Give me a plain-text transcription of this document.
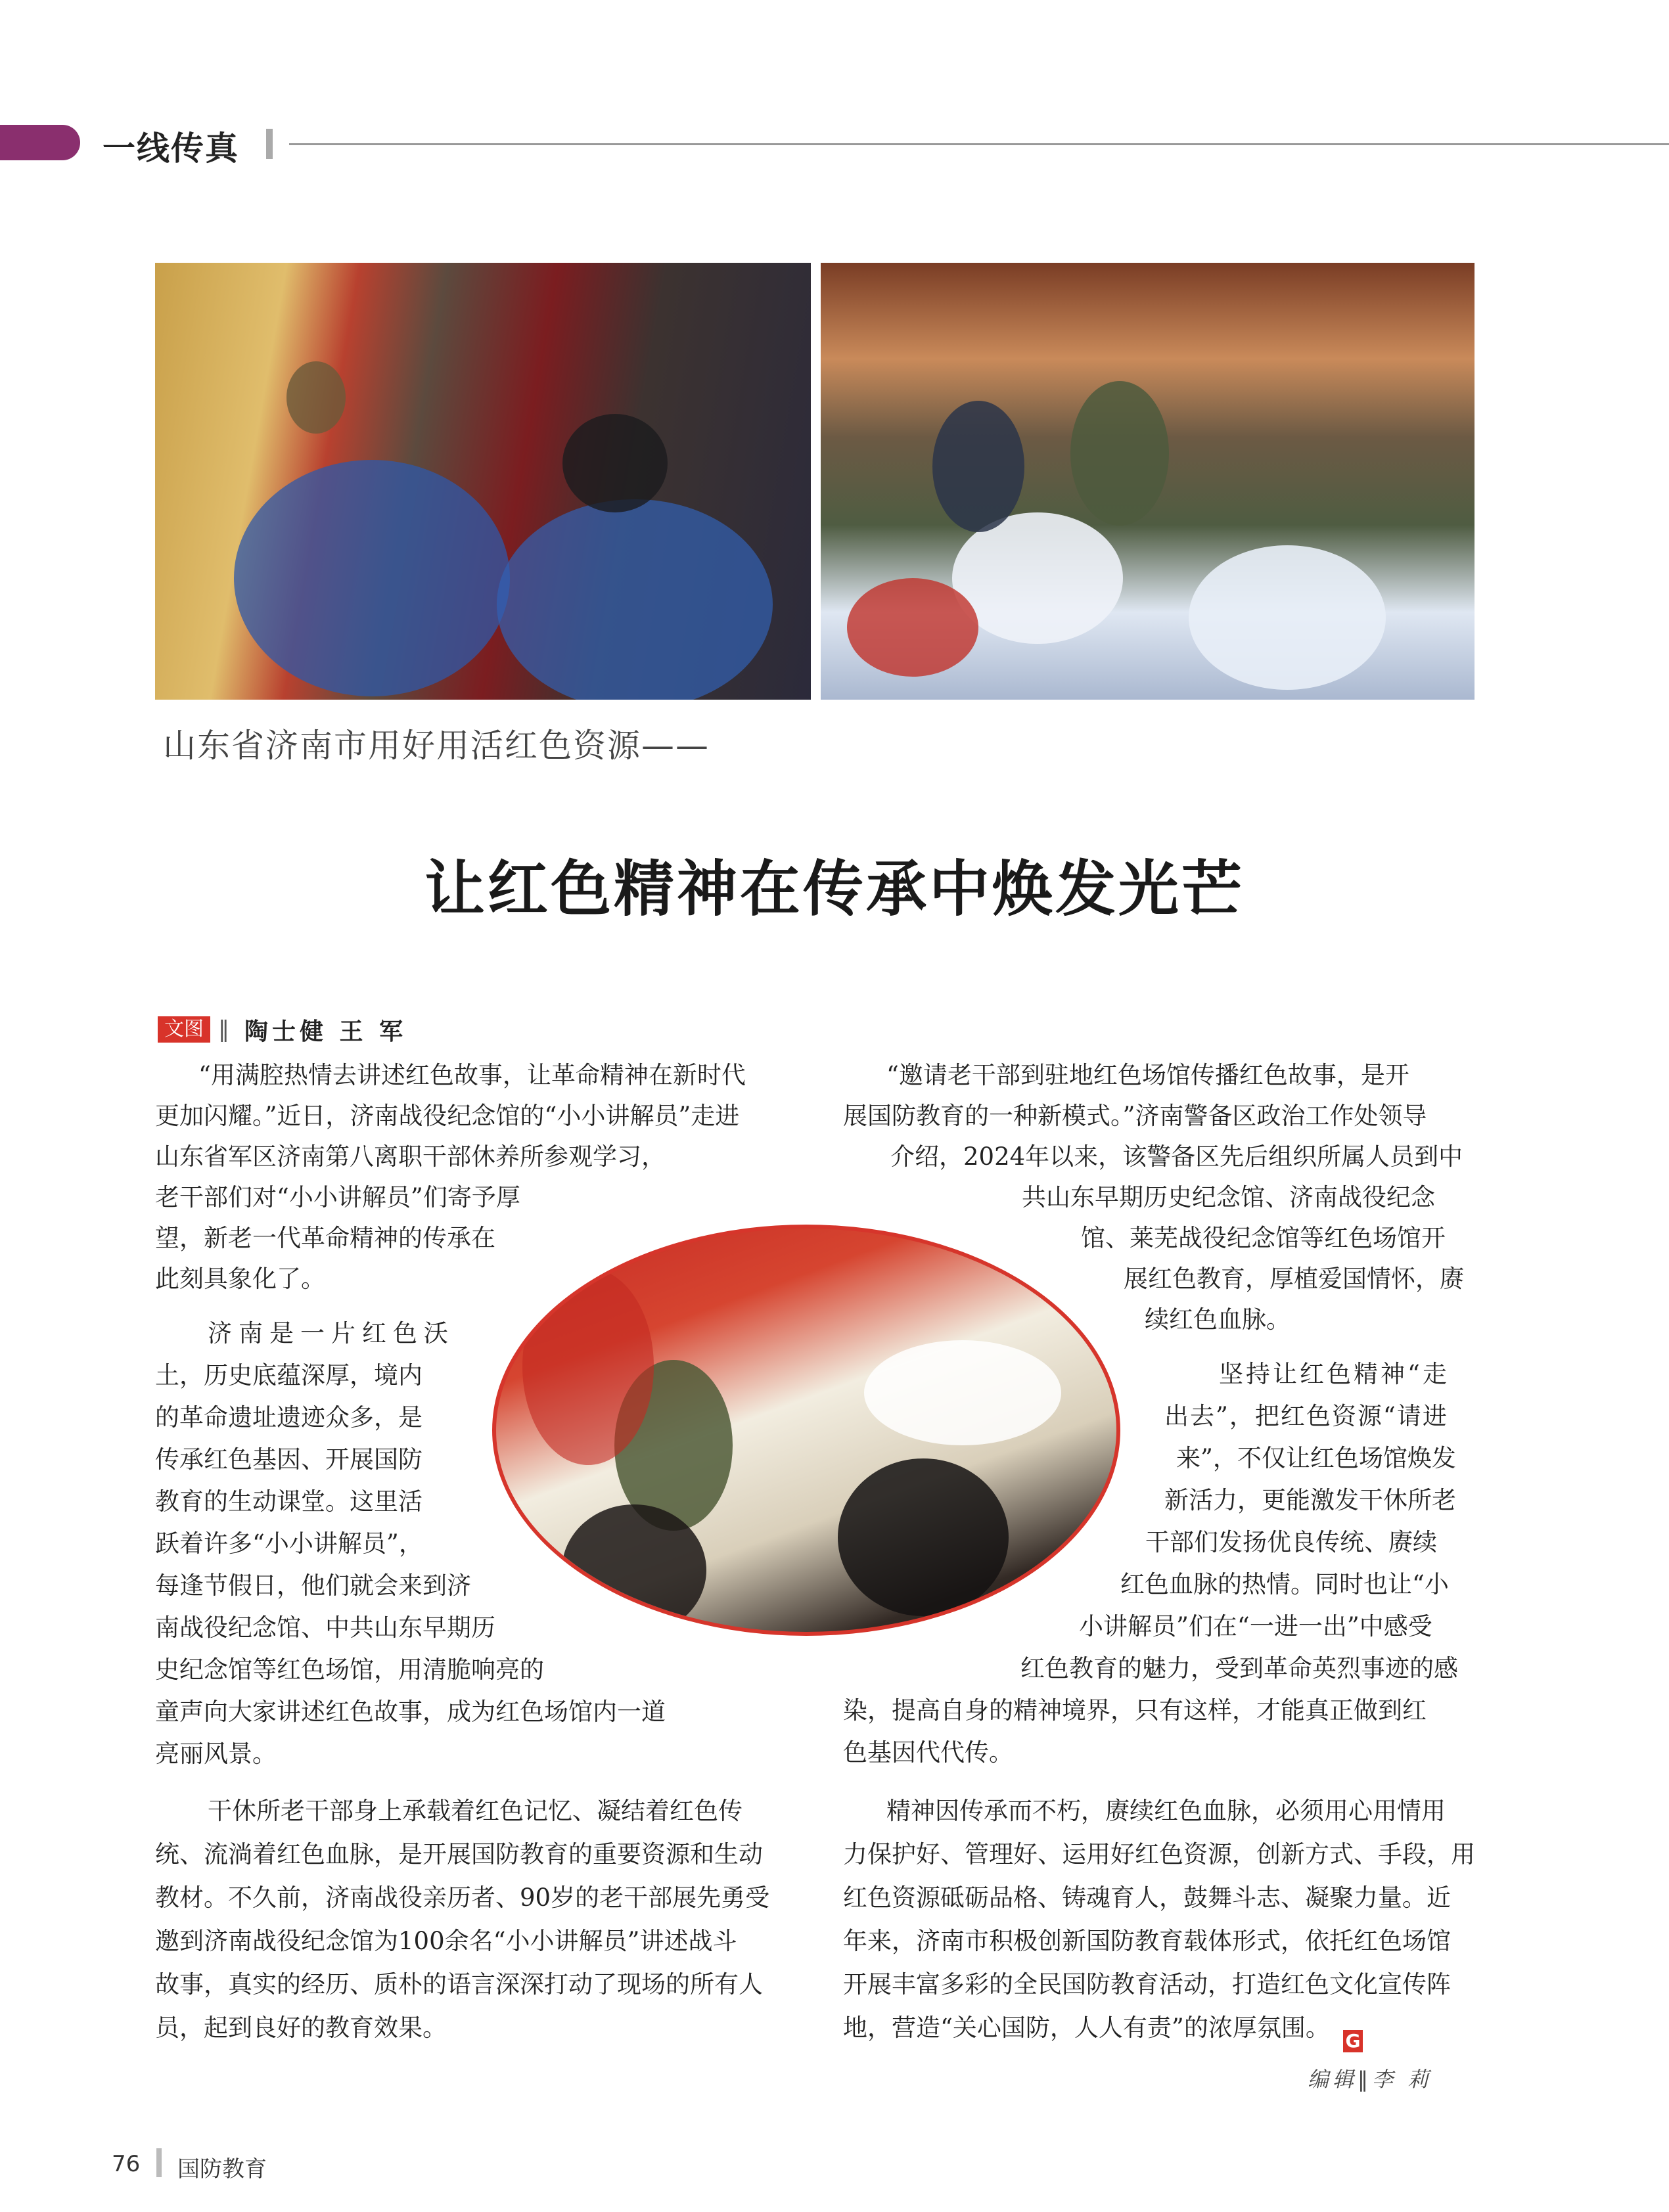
一线传真
山东省济南市用好用活红色资源——
让红色精神在传承中焕发光芒
文图 ‖ 陶士健 王 军
“用满腔热情去讲述红色故事，让革命精神在新时代
更加闪耀。”近日，济南战役纪念馆的“小小讲解员”走进
山东省军区济南第八离职干部休养所参观学习，
老干部们对“小小讲解员”们寄予厚
望，新老一代革命精神的传承在
此刻具象化了。
济南是一片红色沃
土，历史底蕴深厚，境内
的革命遗址遗迹众多，是
传承红色基因、开展国防
教育的生动课堂。这里活
跃着许多“小小讲解员”，
每逢节假日，他们就会来到济
南战役纪念馆、中共山东早期历
史纪念馆等红色场馆，用清脆响亮的
童声向大家讲述红色故事，成为红色场馆内一道
亮丽风景。
干休所老干部身上承载着红色记忆、凝结着红色传
统、流淌着红色血脉，是开展国防教育的重要资源和生动
教材。不久前，济南战役亲历者、90岁的老干部展先勇受
邀到济南战役纪念馆为100余名“小小讲解员”讲述战斗
故事，真实的经历、质朴的语言深深打动了现场的所有人
员，起到良好的教育效果。
“邀请老干部到驻地红色场馆传播红色故事，是开
展国防教育的一种新模式。”济南警备区政治工作处领导
介绍，2024年以来，该警备区先后组织所属人员到中
共山东早期历史纪念馆、济南战役纪念
馆、莱芜战役纪念馆等红色场馆开
展红色教育，厚植爱国情怀，赓
续红色血脉。
坚持让红色精神“走
出去”，把红色资源“请进
来”，不仅让红色场馆焕发
新活力，更能激发干休所老
干部们发扬优良传统、赓续
红色血脉的热情。同时也让“小
小讲解员”们在“一进一出”中感受
红色教育的魅力，受到革命英烈事迹的感
染，提高自身的精神境界，只有这样，才能真正做到红
色基因代代传。
精神因传承而不朽，赓续红色血脉，必须用心用情用
力保护好、管理好、运用好红色资源，创新方式、手段，用
红色资源砥砺品格、铸魂育人，鼓舞斗志、凝聚力量。近
年来，济南市积极创新国防教育载体形式，依托红色场馆
开展丰富多彩的全民国防教育活动，打造红色文化宣传阵
地，营造“关心国防，人人有责”的浓厚氛围。 G
编辑‖李 莉
76 国防教育
